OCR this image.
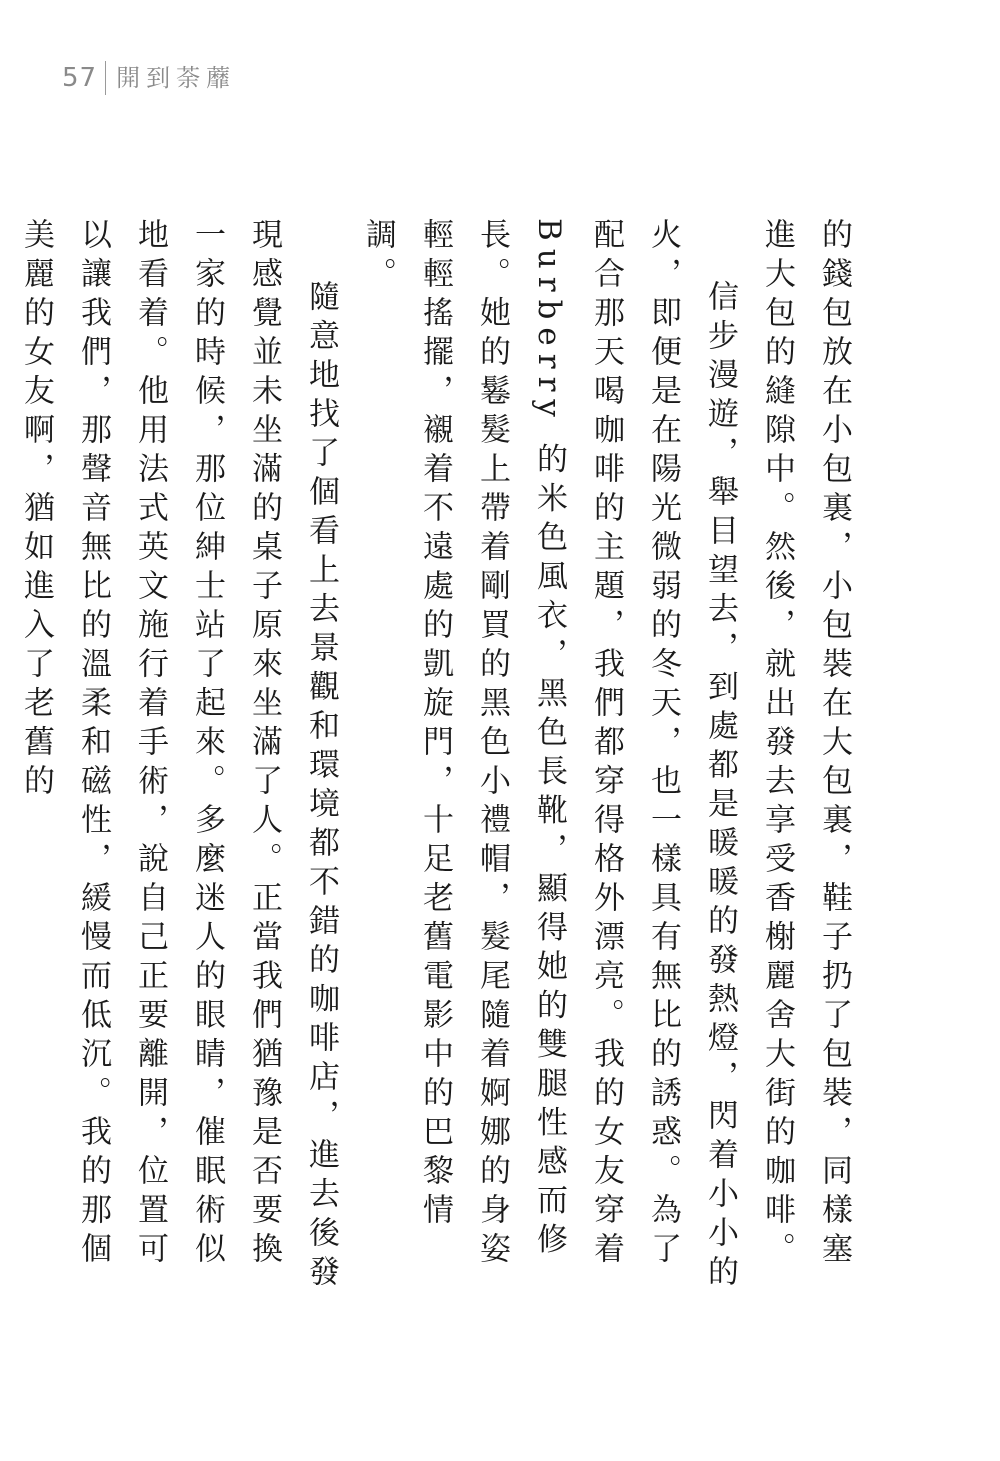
57 開到荼蘼

的錢包放在小包裏，小包裝在大包裏，鞋子扔了包裝，同樣塞進大包的縫隙中。然後，就出發去享受香榭麗舍大街的咖啡。

信步漫遊，舉目望去，到處都是暖暖的發熱燈，閃着小小的火，即便是在陽光微弱的冬天，也一樣具有無比的誘惑。為了配合那天喝咖啡的主題，我們都穿得格外漂亮。我的女友穿着 Burberry 的米色風衣，黑色長靴，顯得她的雙腿性感而修長。她的鬈髮上帶着剛買的黑色小禮帽，髮尾隨着婀娜的身姿輕輕搖擺，襯着不遠處的凱旋門，十足老舊電影中的巴黎情調。

隨意地找了個看上去景觀和環境都不錯的咖啡店，進去後發現感覺並未坐滿的桌子原來坐滿了人。正當我們猶豫是否要換一家的時候，那位紳士站了起來。多麼迷人的眼睛，催眠術似地看着。他用法式英文施行着手術，說自己正要離開，位置可以讓我們，那聲音無比的溫柔和磁性，緩慢而低沉。我的那個美麗的女友啊，猶如進入了老舊的
